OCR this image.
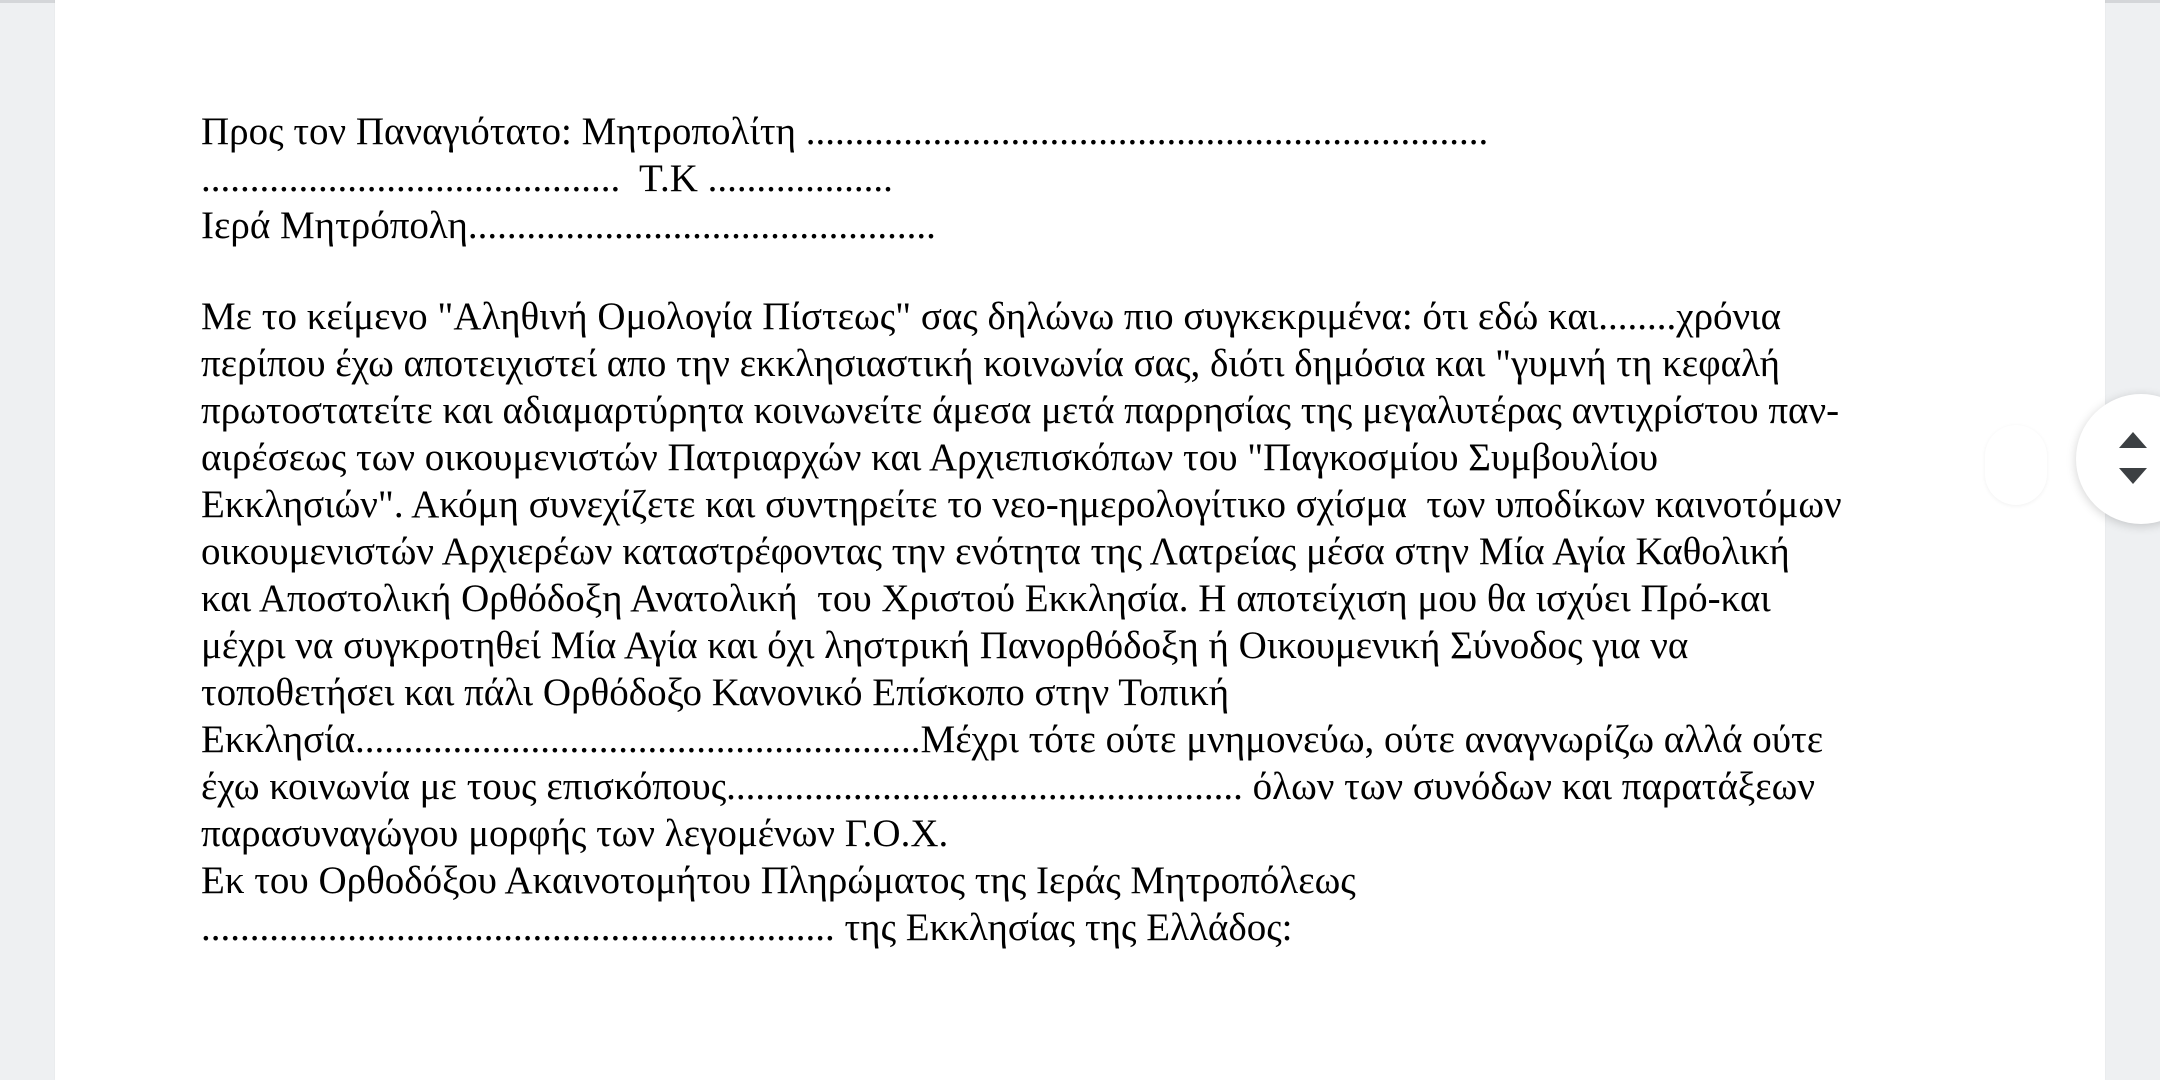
Προς τον Παναγιότατο: Μητροπολίτη ......................................................................
...........................................  Τ.Κ ...................
Ιερά Μητρόπολη................................................
Με το κείμενο "Αληθινή Ομολογία Πίστεως" σας δηλώνω πιο συγκεκριμένα: ότι εδώ και........χρόνια
περίπου έχω αποτειχιστεί απο την εκκλησιαστική κοινωνία σας, διότι δημόσια και "γυμνή τη κεφαλή
πρωτοστατείτε και αδιαμαρτύρητα κοινωνείτε άμεσα μετά παρρησίας της μεγαλυτέρας αντιχρίστου παν-
αιρέσεως των οικουμενιστών Πατριαρχών και Αρχιεπισκόπων του "Παγκοσμίου Συμβουλίου
Εκκλησιών". Ακόμη συνεχίζετε και συντηρείτε το νεο-ημερολογίτικο σχίσμα  των υποδίκων καινοτόμων
οικουμενιστών Αρχιερέων καταστρέφοντας την ενότητα της Λατρείας μέσα στην Μία Αγία Καθολική
και Αποστολική Ορθόδοξη Ανατολική  του Χριστού Εκκλησία. Η αποτείχιση μου θα ισχύει Πρό-και
μέχρι να συγκροτηθεί Μία Αγία και όχι ληστρική Πανορθόδοξη ή Οικουμενική Σύνοδος για να
τοποθετήσει και πάλι Ορθόδοξο Κανονικό Επίσκοπο στην Τοπική
Εκκλησία..........................................................Μέχρι τότε ούτε μνημονεύω, ούτε αναγνωρίζω αλλά ούτε
έχω κοινωνία με τους επισκόπους..................................................... όλων των συνόδων και παρατάξεων
παρασυναγώγου μορφής των λεγομένων Γ.Ο.Χ.
Εκ του Ορθοδόξου Ακαινοτομήτου Πληρώματος της Ιεράς Μητροπόλεως
................................................................. της Εκκλησίας της Ελλάδος:
